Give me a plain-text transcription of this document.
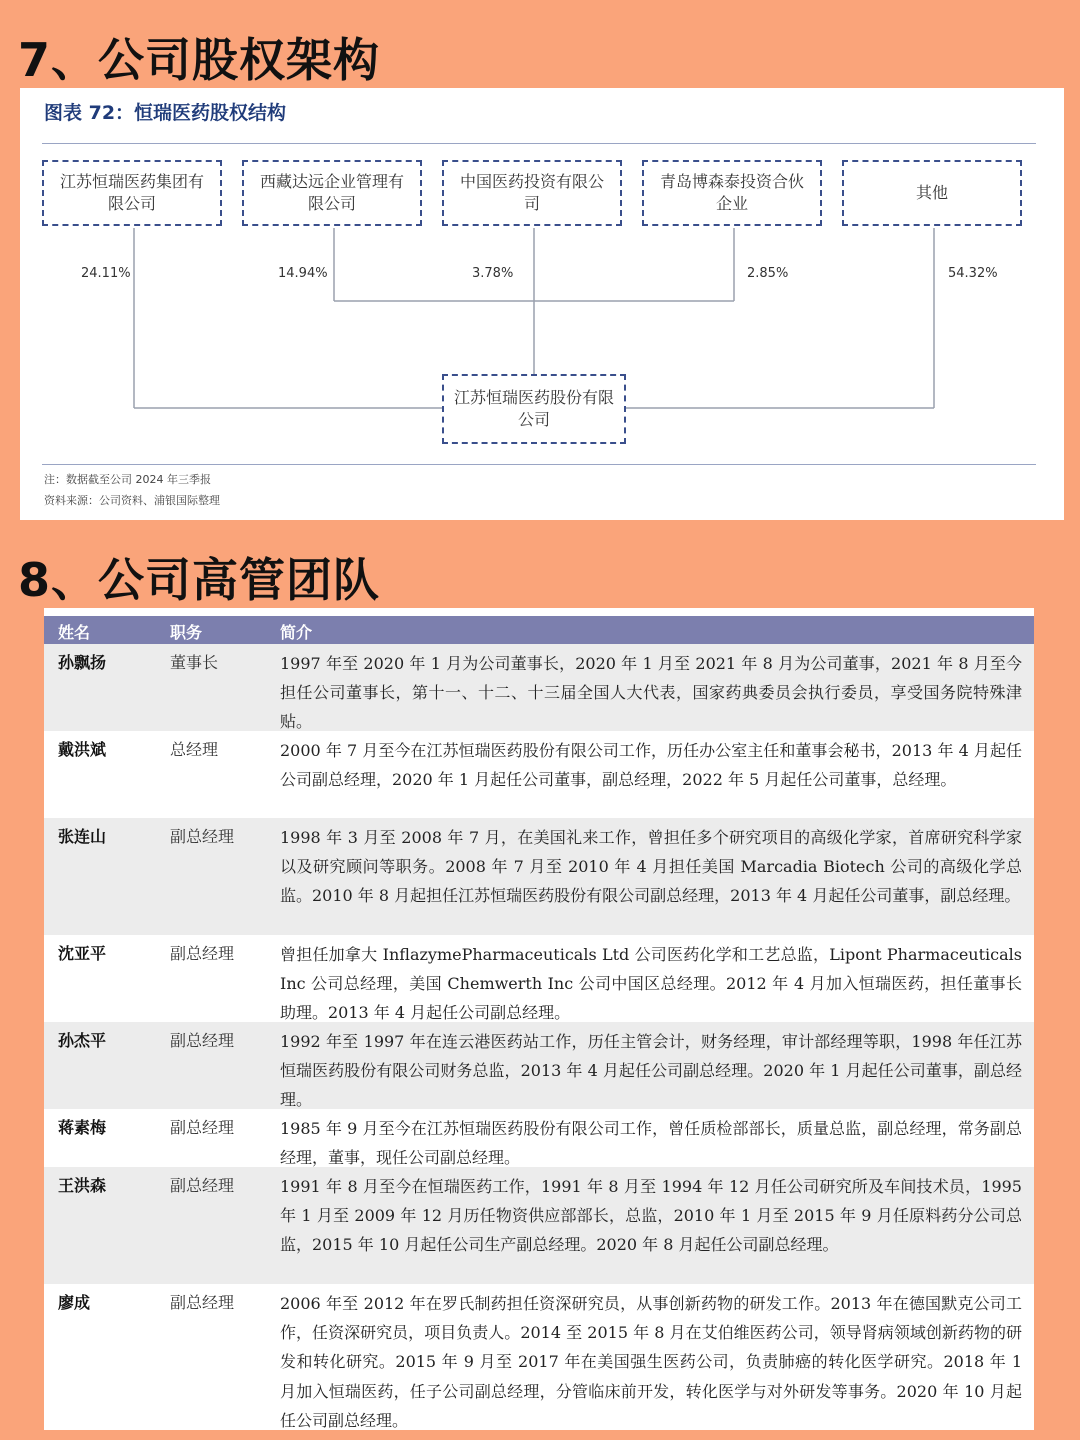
7、公司股权架构
图表 72：恒瑞医药股权结构
江苏恒瑞医药集团有限公司
西藏达远企业管理有限公司
中国医药投资有限公司
青岛博森泰投资合伙企业
其他
24.11%	14.94%	3.78%	2.85%	54.32%
江苏恒瑞医药股份有限公司
注：数据截至公司 2024 年三季报
资料来源：公司资料、浦银国际整理
8、公司高管团队
姓名	职务	简介
孙飘扬	董事长	1997 年至 2020 年 1 月为公司董事长，2020 年 1 月至 2021 年 8 月为公司董事，2021 年 8 月至今担任公司董事长，第十一、十二、十三届全国人大代表，国家药典委员会执行委员，享受国务院特殊津贴。
戴洪斌	总经理	2000 年 7 月至今在江苏恒瑞医药股份有限公司工作，历任办公室主任和董事会秘书，2013 年 4 月起任公司副总经理，2020 年 1 月起任公司董事，副总经理，2022 年 5 月起任公司董事，总经理。
张连山	副总经理	1998 年 3 月至 2008 年 7 月，在美国礼来工作，曾担任多个研究项目的高级化学家，首席研究科学家以及研究顾问等职务。2008 年 7 月至 2010 年 4 月担任美国 Marcadia Biotech 公司的高级化学总监。2010 年 8 月起担任江苏恒瑞医药股份有限公司副总经理，2013 年 4 月起任公司董事，副总经理。
沈亚平	副总经理	曾担任加拿大 InflazymePharmaceuticals Ltd 公司医药化学和工艺总监，Lipont Pharmaceuticals Inc 公司总经理，美国 Chemwerth Inc 公司中国区总经理。2012 年 4 月加入恒瑞医药，担任董事长助理。2013 年 4 月起任公司副总经理。
孙杰平	副总经理	1992 年至 1997 年在连云港医药站工作，历任主管会计，财务经理，审计部经理等职，1998 年任江苏恒瑞医药股份有限公司财务总监，2013 年 4 月起任公司副总经理。2020 年 1 月起任公司董事，副总经理。
蒋素梅	副总经理	1985 年 9 月至今在江苏恒瑞医药股份有限公司工作，曾任质检部部长，质量总监，副总经理，常务副总经理，董事，现任公司副总经理。
王洪森	副总经理	1991 年 8 月至今在恒瑞医药工作，1991 年 8 月至 1994 年 12 月任公司研究所及车间技术员，1995 年 1 月至 2009 年 12 月历任物资供应部部长，总监，2010 年 1 月至 2015 年 9 月任原料药分公司总监，2015 年 10 月起任公司生产副总经理。2020 年 8 月起任公司副总经理。
廖成	副总经理	2006 年至 2012 年在罗氏制药担任资深研究员，从事创新药物的研发工作。2013 年在德国默克公司工作，任资深研究员，项目负责人。2014 至 2015 年 8 月在艾伯维医药公司，领导肾病领域创新药物的研发和转化研究。2015 年 9 月至 2017 年在美国强生医药公司，负责肺癌的转化医学研究。2018 年 1 月加入恒瑞医药，任子公司副总经理，分管临床前开发，转化医学与对外研发等事务。2020 年 10 月起任公司副总经理。
